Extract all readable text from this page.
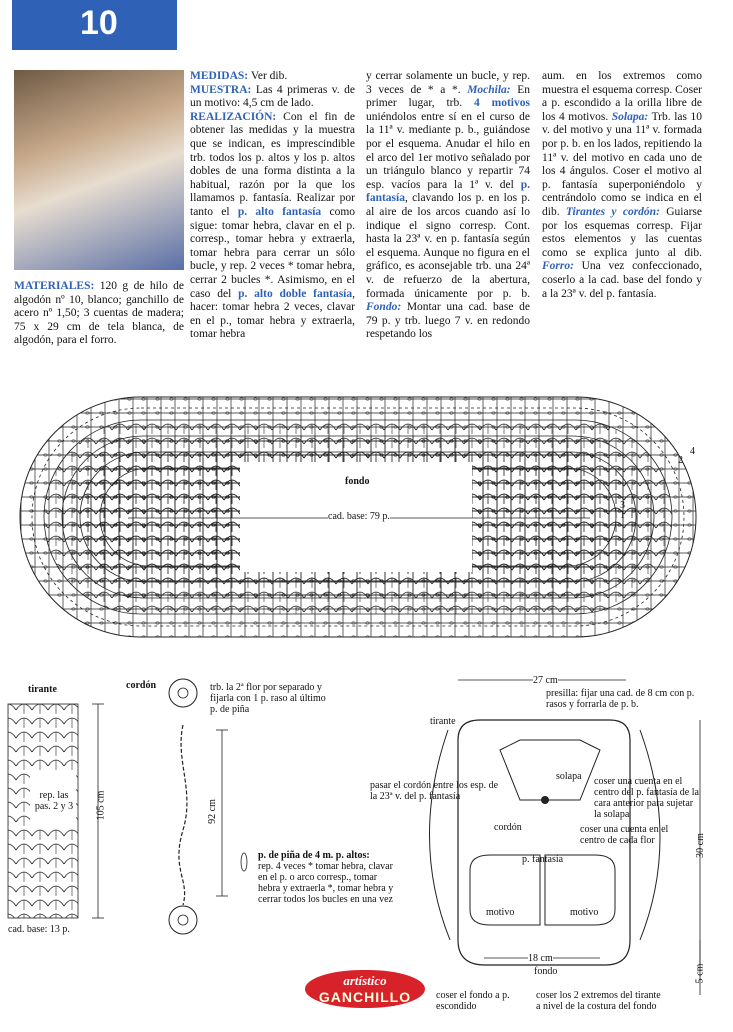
10

MEDIDAS: Ver dib.

MUESTRA: Las 4 primeras v. de un motivo: 4,5 cm de lado.

REALIZACIÓN: Con el fin de obtener las medidas y la muestra que se indican, es imprescindible trb. todos los p. altos y los p. altos dobles de una forma distinta a la habitual, razón por la que los llamamos p. fantasía. Realizar por tanto el p. alto fantasía como sigue: tomar hebra, clavar en el p. corresp., tomar hebra y extraerla, tomar hebra para cerrar un sólo bucle, y rep. 2 veces * tomar hebra, cerrar 2 bucles *. Asimismo, en el caso del p. alto doble fantasía, hacer: tomar hebra 2 veces, clavar en el p., tomar hebra y extraerla, tomar hebra

MATERIALES: 120 g de hilo de algodón nº 10, blanco; ganchillo de acero nº 1,50; 3 cuentas de madera; 75 x 29 cm de tela blanca, de algodón, para el forro.

y cerrar solamente un bucle, y rep. 3 veces de * a *. Mochila: En primer lugar, trb. 4 motivos uniéndolos entre sí en el curso de la 11ª v. mediante p. b., guiándose por el esquema. Anudar el hilo en el arco del 1er motivo señalado por un triángulo blanco y repartir 74 esp. vacíos para la 1ª v. del p. fantasía, clavando los p. en los p. al aire de los arcos cuando así lo indique el signo corresp. Cont. hasta la 23ª v. en p. fantasía según el esquema. Aunque no figura en el gráfico, es aconsejable trb. una 24ª v. de refuerzo de la abertura, formada únicamente por p. b. Fondo: Montar una cad. base de 79 p. y trb. luego 7 v. en redondo respetando los

aum. en los extremos como muestra el esquema corresp. Coser a p. escondido a la orilla libre de los 4 motivos. Solapa: Trb. las 10 v. del motivo y una 11ª v. formada por p. b. en los lados, repitiendo la 11ª v. del motivo en cada uno de los 4 ángulos. Coser el motivo al p. fantasía superponiéndolo y centrándolo como se indica en el dib. Tirantes y cordón: Guiarse por los esquemas corresp. Fijar estos elementos y las cuentas como se explica junto al dib. Forro: Una vez confeccionado, coserlo a la cad. base del fondo y a la 23ª v. del p. fantasía.

fondo
cad. base: 79 p.	1
3
2
4
tirante
rep. las pas. 2 y 3 105 cm
cad. base: 13 p.
cordón	trb. la 2ª flor por separado y fijarla con 1 p. raso al último p. de piña
92 cm
p. de piña de 4 m. p. altos:
rep. 4 veces * tomar hebra, clavar en el p. o arco corresp., tomar hebra y extraerla *, tomar hebra y cerrar todos los bucles en una vez
27 cm
presilla: fijar una cad. de 8 cm con p. rasos y forrarla de p. b.
tirante
pasar el cordón entre los esp. de la 23ª v. del p. fantasía
solapa coser una cuenta en el centro del p. fantasía de la cara anterior para sujetar la solapa
cordón	coser una cuenta en el centro de cada flor
p. fantasía
30 cm
motivo	motivo
18 cm
fondo	5 cm
coser el fondo a p. escondido
coser los 2 extremos del tirante a nivel de la costura del fondo
artístico
GANCHILLO
